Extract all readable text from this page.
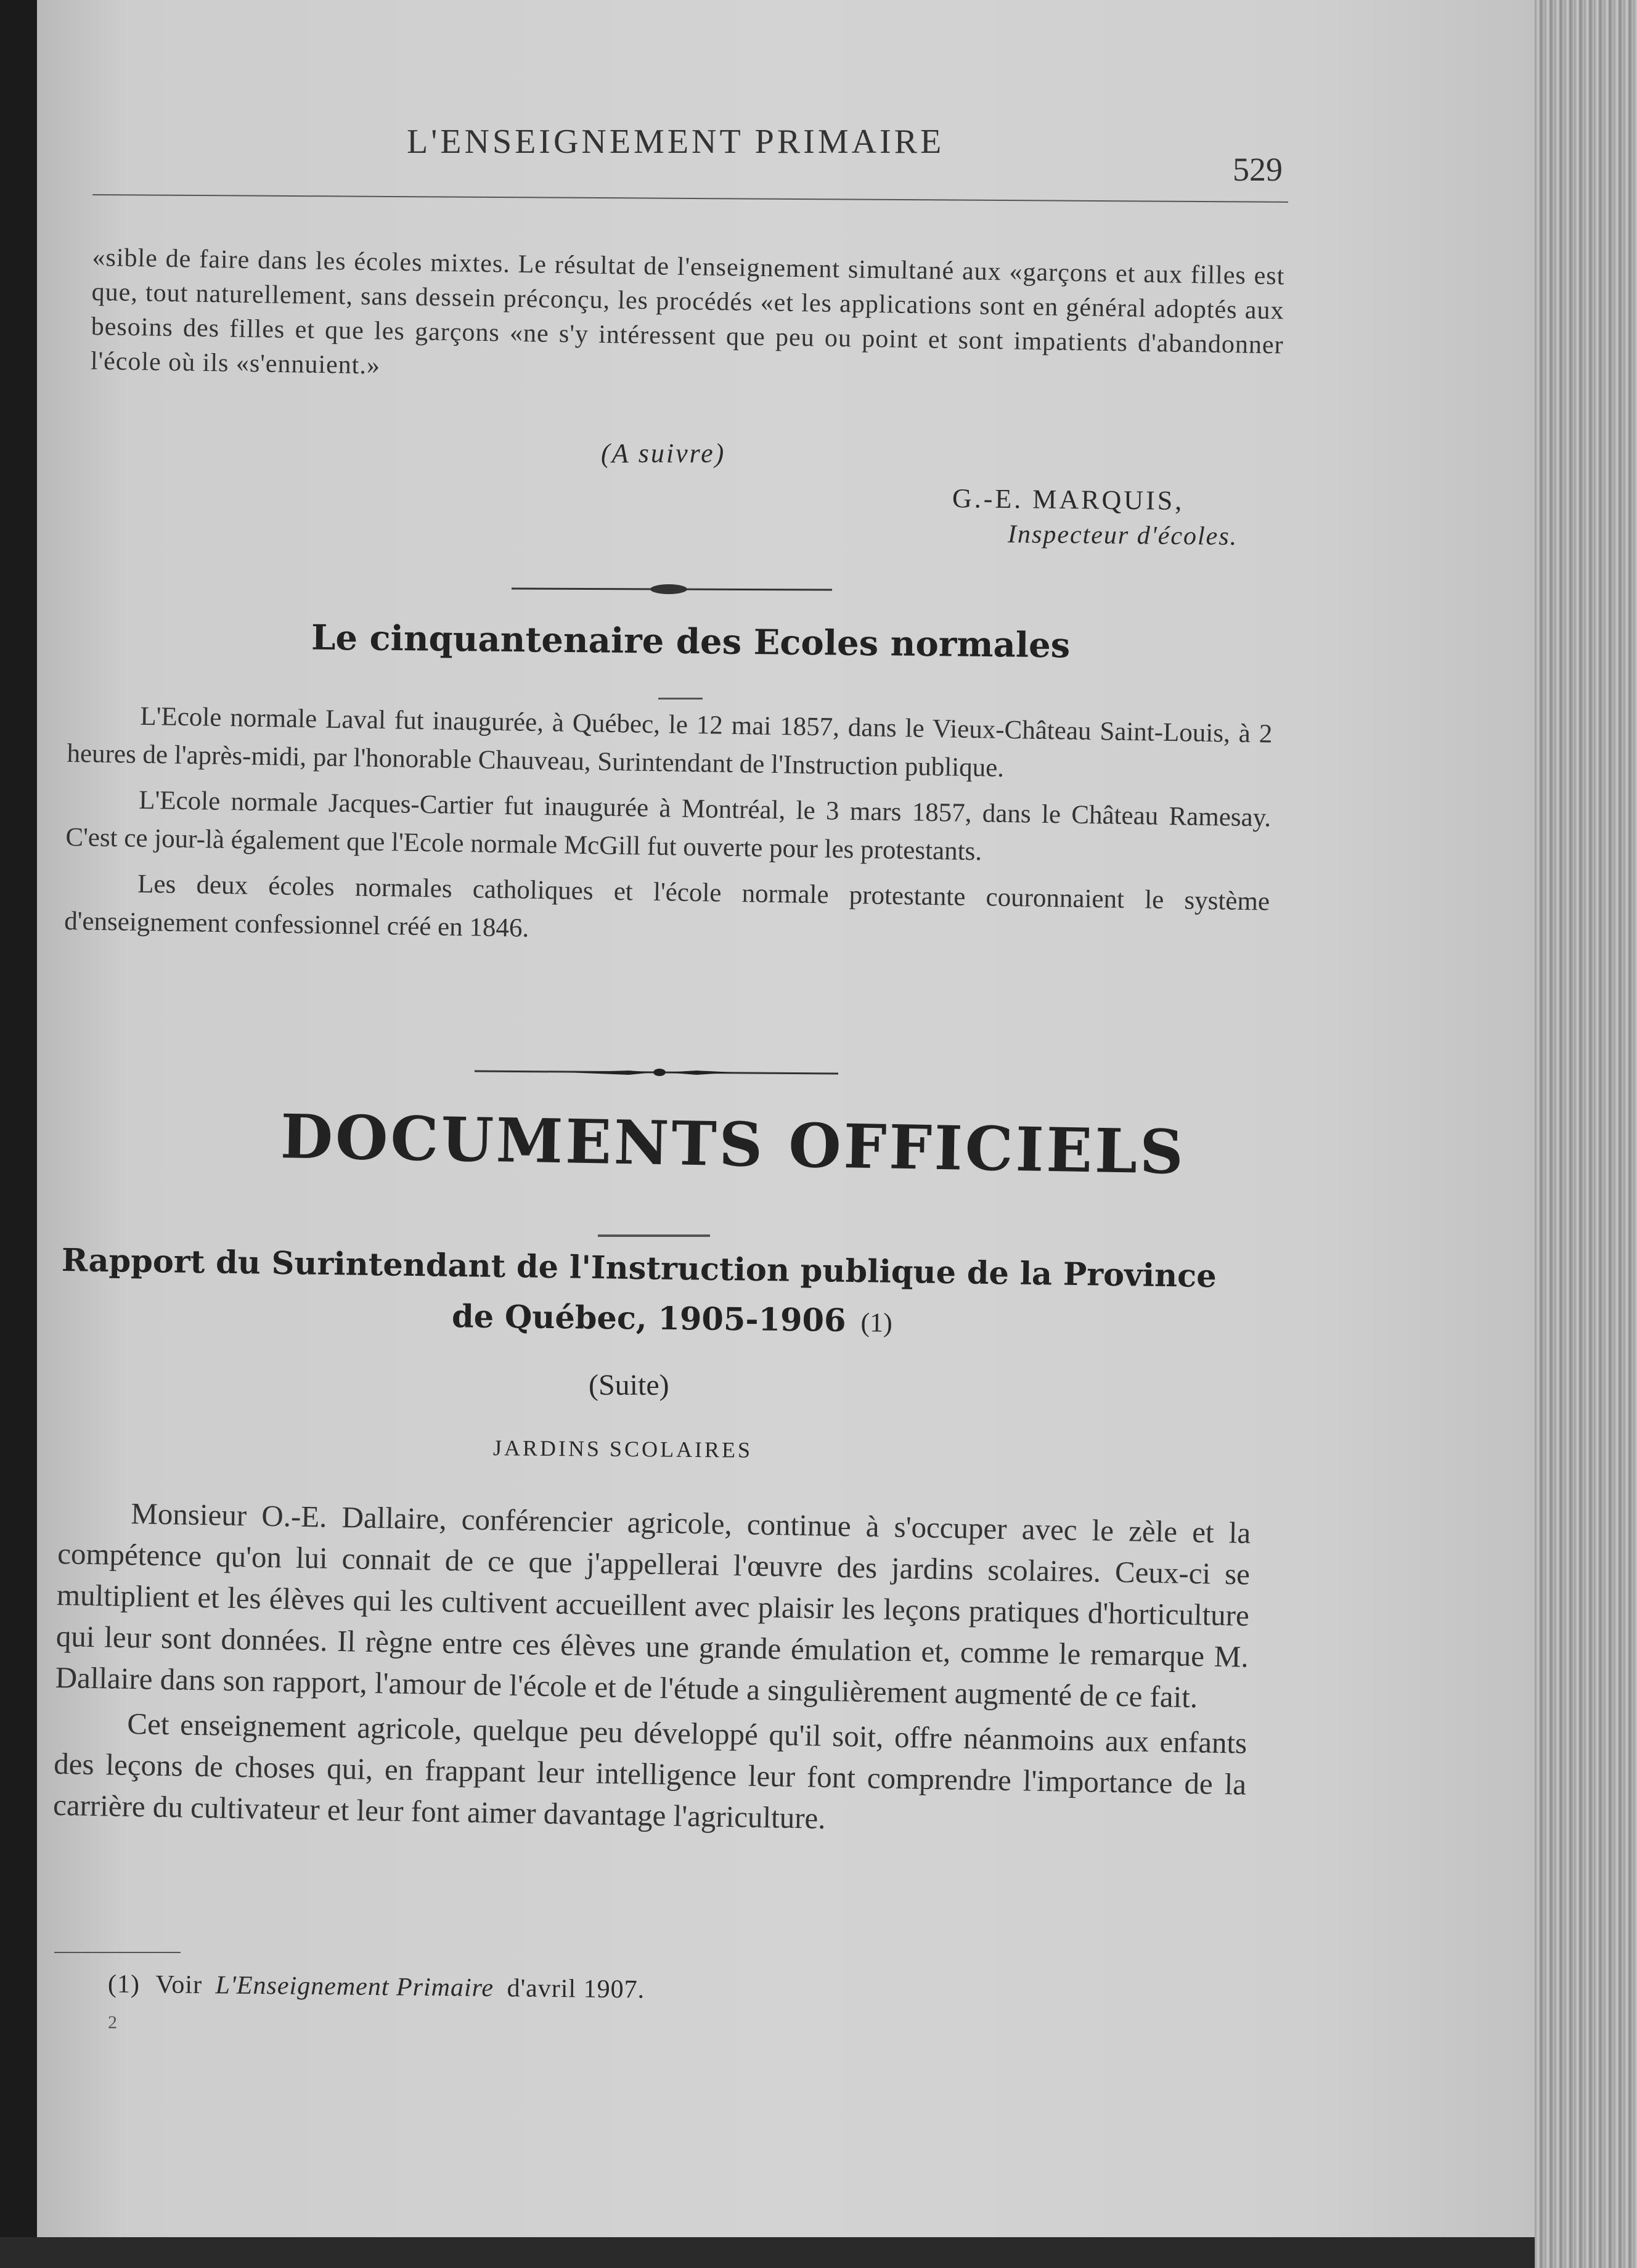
L'ENSEIGNEMENT PRIMAIRE

529

«sible de faire dans les écoles mixtes. Le résultat de l'enseignement simultané aux «garçons et aux filles est que, tout naturellement, sans dessein préconçu, les procédés «et les applications sont en général adoptés aux besoins des filles et que les garçons «ne s'y intéressent que peu ou point et sont impatients d'abandonner l'école où ils «s'ennuient.»

(A suivre)

G.-E. MARQUIS,

Inspecteur d'écoles.

Le cinquantenaire des Ecoles normales

L'Ecole normale Laval fut inaugurée, à Québec, le 12 mai 1857, dans le Vieux-Château Saint-Louis, à 2 heures de l'après-midi, par l'honorable Chauveau, Surintendant de l'Instruction publique.

L'Ecole normale Jacques-Cartier fut inaugurée à Montréal, le 3 mars 1857, dans le Château Ramesay. C'est ce jour-là également que l'Ecole normale McGill fut ouverte pour les protestants.

Les deux écoles normales catholiques et l'école normale protestante couronnaient le système d'enseignement confessionnel créé en 1846.

DOCUMENTS OFFICIELS

Rapport du Surintendant de l'Instruction publique de la Province

de Québec, 1905-1906 (1)

(Suite)

JARDINS SCOLAIRES

Monsieur O.-E. Dallaire, conférencier agricole, continue à s'occuper avec le zèle et la compétence qu'on lui connait de ce que j'appellerai l'œuvre des jardins scolaires. Ceux-ci se multiplient et les élèves qui les cultivent accueillent avec plaisir les leçons pratiques d'horticulture qui leur sont données. Il règne entre ces élèves une grande émulation et, comme le remarque M. Dallaire dans son rapport, l'amour de l'école et de l'étude a singulièrement augmenté de ce fait.

Cet enseignement agricole, quelque peu développé qu'il soit, offre néanmoins aux enfants des leçons de choses qui, en frappant leur intelligence leur font comprendre l'importance de la carrière du cultivateur et leur font aimer davantage l'agriculture.

(1) Voir L'Enseignement Primaire d'avril 1907.

2
